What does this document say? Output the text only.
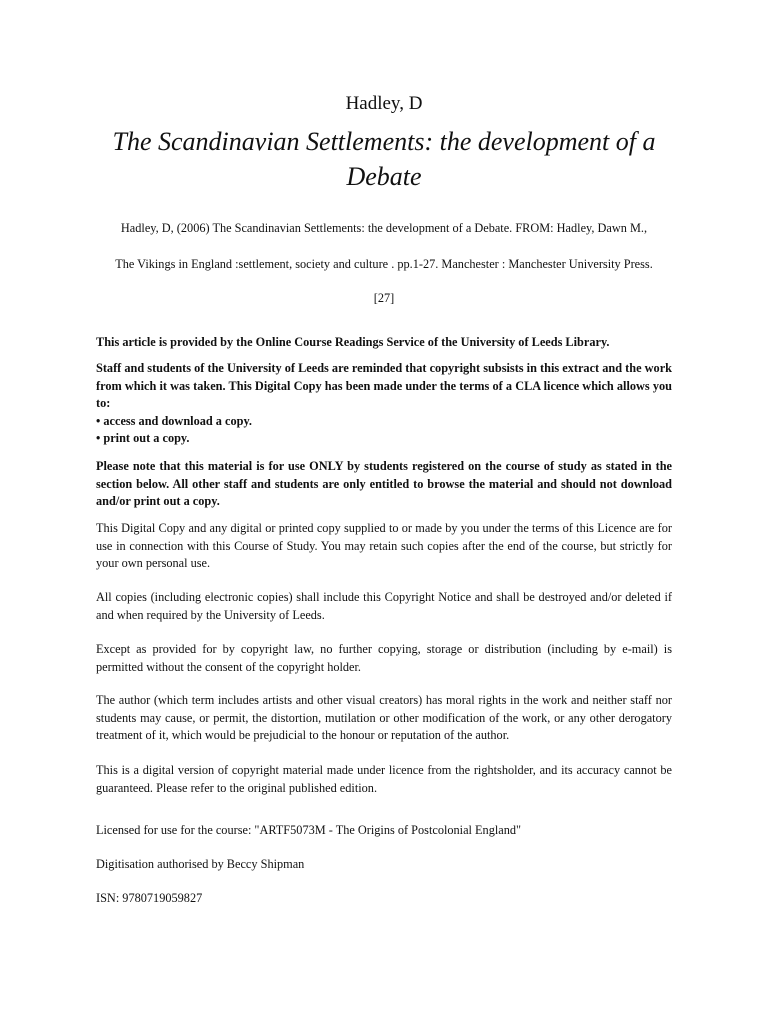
Hadley, D
The Scandinavian Settlements: the development of a Debate
Hadley, D, (2006) The Scandinavian Settlements: the development of a Debate. FROM: Hadley, Dawn M.,
The Vikings in England :settlement, society and culture . pp.1-27. Manchester : Manchester University Press.
[27]
This article is provided by the Online Course Readings Service of the University of Leeds Library.
Staff and students of the University of Leeds are reminded that copyright subsists in this extract and the work from which it was taken. This Digital Copy has been made under the terms of a CLA licence which allows you to:
• access and download a copy.
• print out a copy.
Please note that this material is for use ONLY by students registered on the course of study as stated in the section below. All other staff and students are only entitled to browse the material and should not download and/or print out a copy.
This Digital Copy and any digital or printed copy supplied to or made by you under the terms of this Licence are for use in connection with this Course of Study. You may retain such copies after the end of the course, but strictly for your own personal use.
All copies (including electronic copies) shall include this Copyright Notice and shall be destroyed and/or deleted if and when required by the University of Leeds.
Except as provided for by copyright law, no further copying, storage or distribution (including by e-mail) is permitted without the consent of the copyright holder.
The author (which term includes artists and other visual creators) has moral rights in the work and neither staff nor students may cause, or permit, the distortion, mutilation or other modification of the work, or any other derogatory treatment of it, which would be prejudicial to the honour or reputation of the author.
This is a digital version of copyright material made under licence from the rightsholder, and its accuracy cannot be guaranteed. Please refer to the original published edition.
Licensed for use for the course: "ARTF5073M - The Origins of Postcolonial England"
Digitisation authorised by Beccy Shipman
ISN: 9780719059827
